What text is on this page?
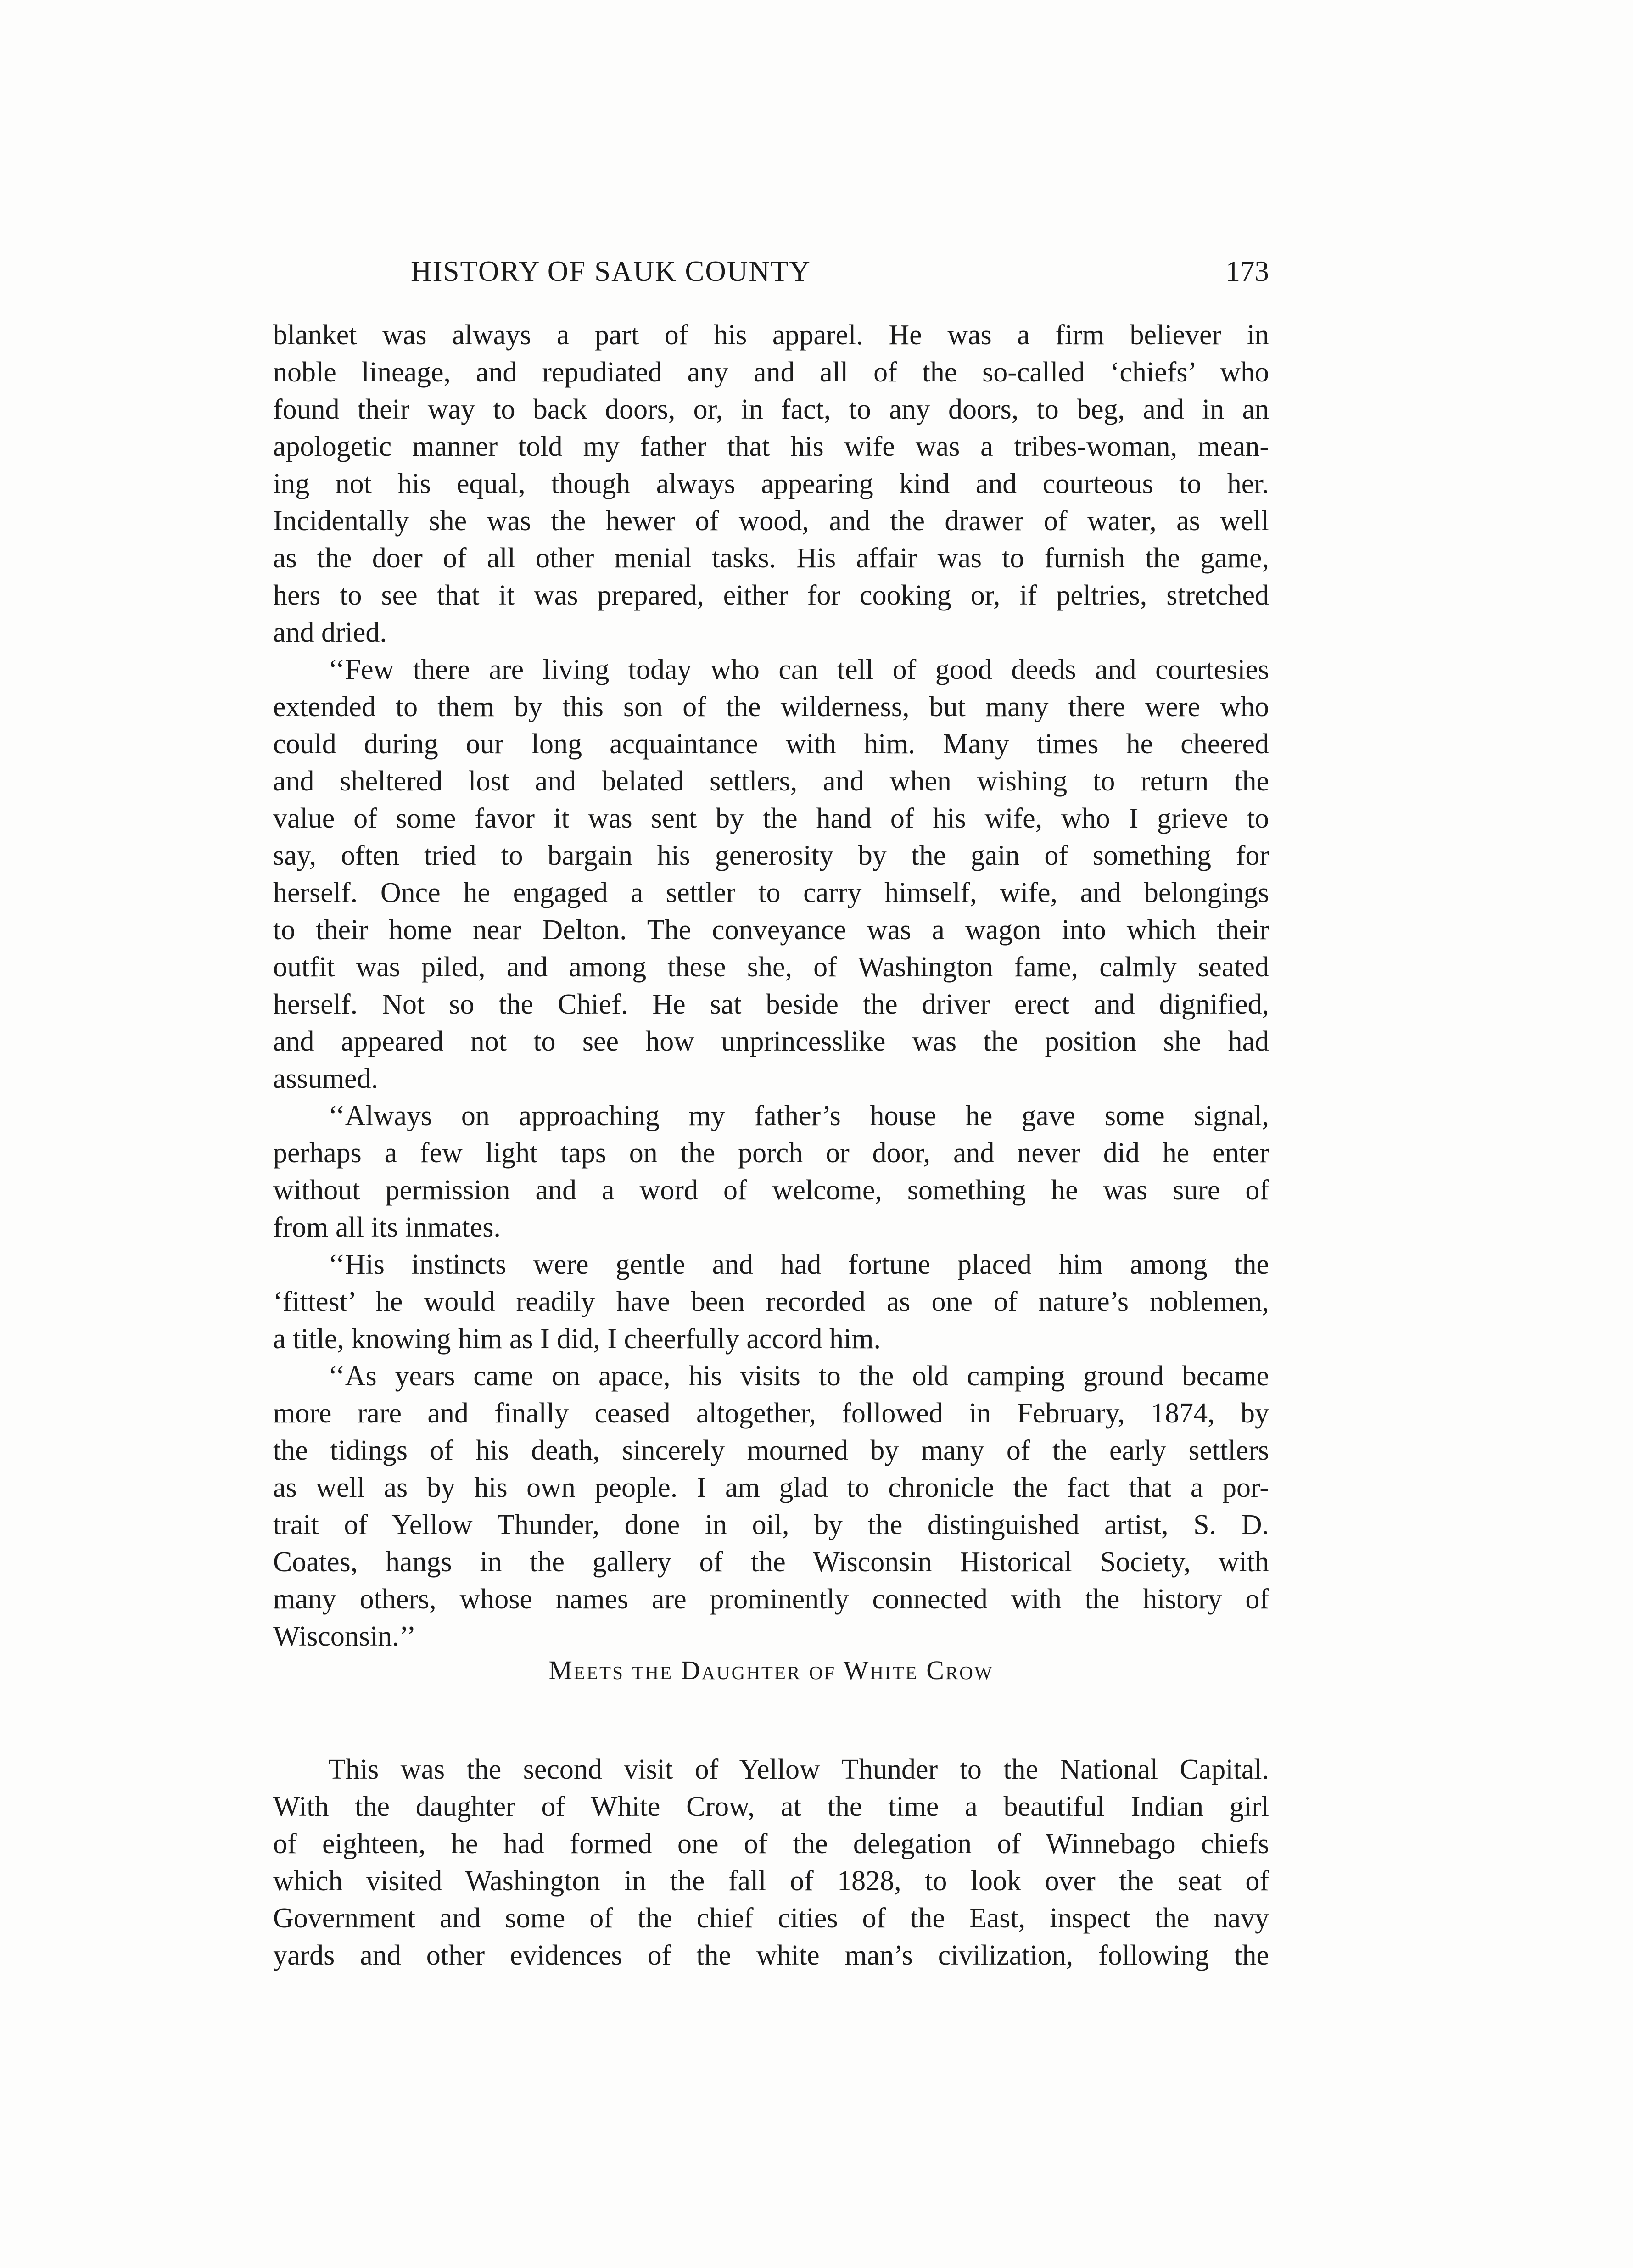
HISTORY OF SAUK COUNTY	173
blanket was always a part of his apparel. He was a firm believer in
noble lineage, and repudiated any and all of the so-called ‘chiefs’ who
found their way to back doors, or, in fact, to any doors, to beg, and in an
apologetic manner told my father that his wife was a tribes-woman, mean-
ing not his equal, though always appearing kind and courteous to her.
Incidentally she was the hewer of wood, and the drawer of water, as well
as the doer of all other menial tasks. His affair was to furnish the game,
hers to see that it was prepared, either for cooking or, if peltries, stretched
and dried.
‘‘Few there are living today who can tell of good deeds and courtesies
extended to them by this son of the wilderness, but many there were who
could during our long acquaintance with him. Many times he cheered
and sheltered lost and belated settlers, and when wishing to return the
value of some favor it was sent by the hand of his wife, who I grieve to
say, often tried to bargain his generosity by the gain of something for
herself. Once he engaged a settler to carry himself, wife, and belongings
to their home near Delton. The conveyance was a wagon into which their
outfit was piled, and among these she, of Washington fame, calmly seated
herself. Not so the Chief. He sat beside the driver erect and dignified,
and appeared not to see how unprincesslike was the position she had
assumed.
‘‘Always on approaching my father’s house he gave some signal,
perhaps a few light taps on the porch or door, and never did he enter
without permission and a word of welcome, something he was sure of
from all its inmates.
‘‘His instincts were gentle and had fortune placed him among the
‘fittest’ he would readily have been recorded as one of nature’s noblemen,
a title, knowing him as I did, I cheerfully accord him.
‘‘As years came on apace, his visits to the old camping ground became
more rare and finally ceased altogether, followed in February, 1874, by
the tidings of his death, sincerely mourned by many of the early settlers
as well as by his own people. I am glad to chronicle the fact that a por-
trait of Yellow Thunder, done in oil, by the distinguished artist, S. D.
Coates, hangs in the gallery of the Wisconsin Historical Society, with
many others, whose names are prominently connected with the history of
Wisconsin.’’
Meets the Daughter of White Crow
This was the second visit of Yellow Thunder to the National Capital.
With the daughter of White Crow, at the time a beautiful Indian girl
of eighteen, he had formed one of the delegation of Winnebago chiefs
which visited Washington in the fall of 1828, to look over the seat of
Government and some of the chief cities of the East, inspect the navy
yards and other evidences of the white man’s civilization, following the
